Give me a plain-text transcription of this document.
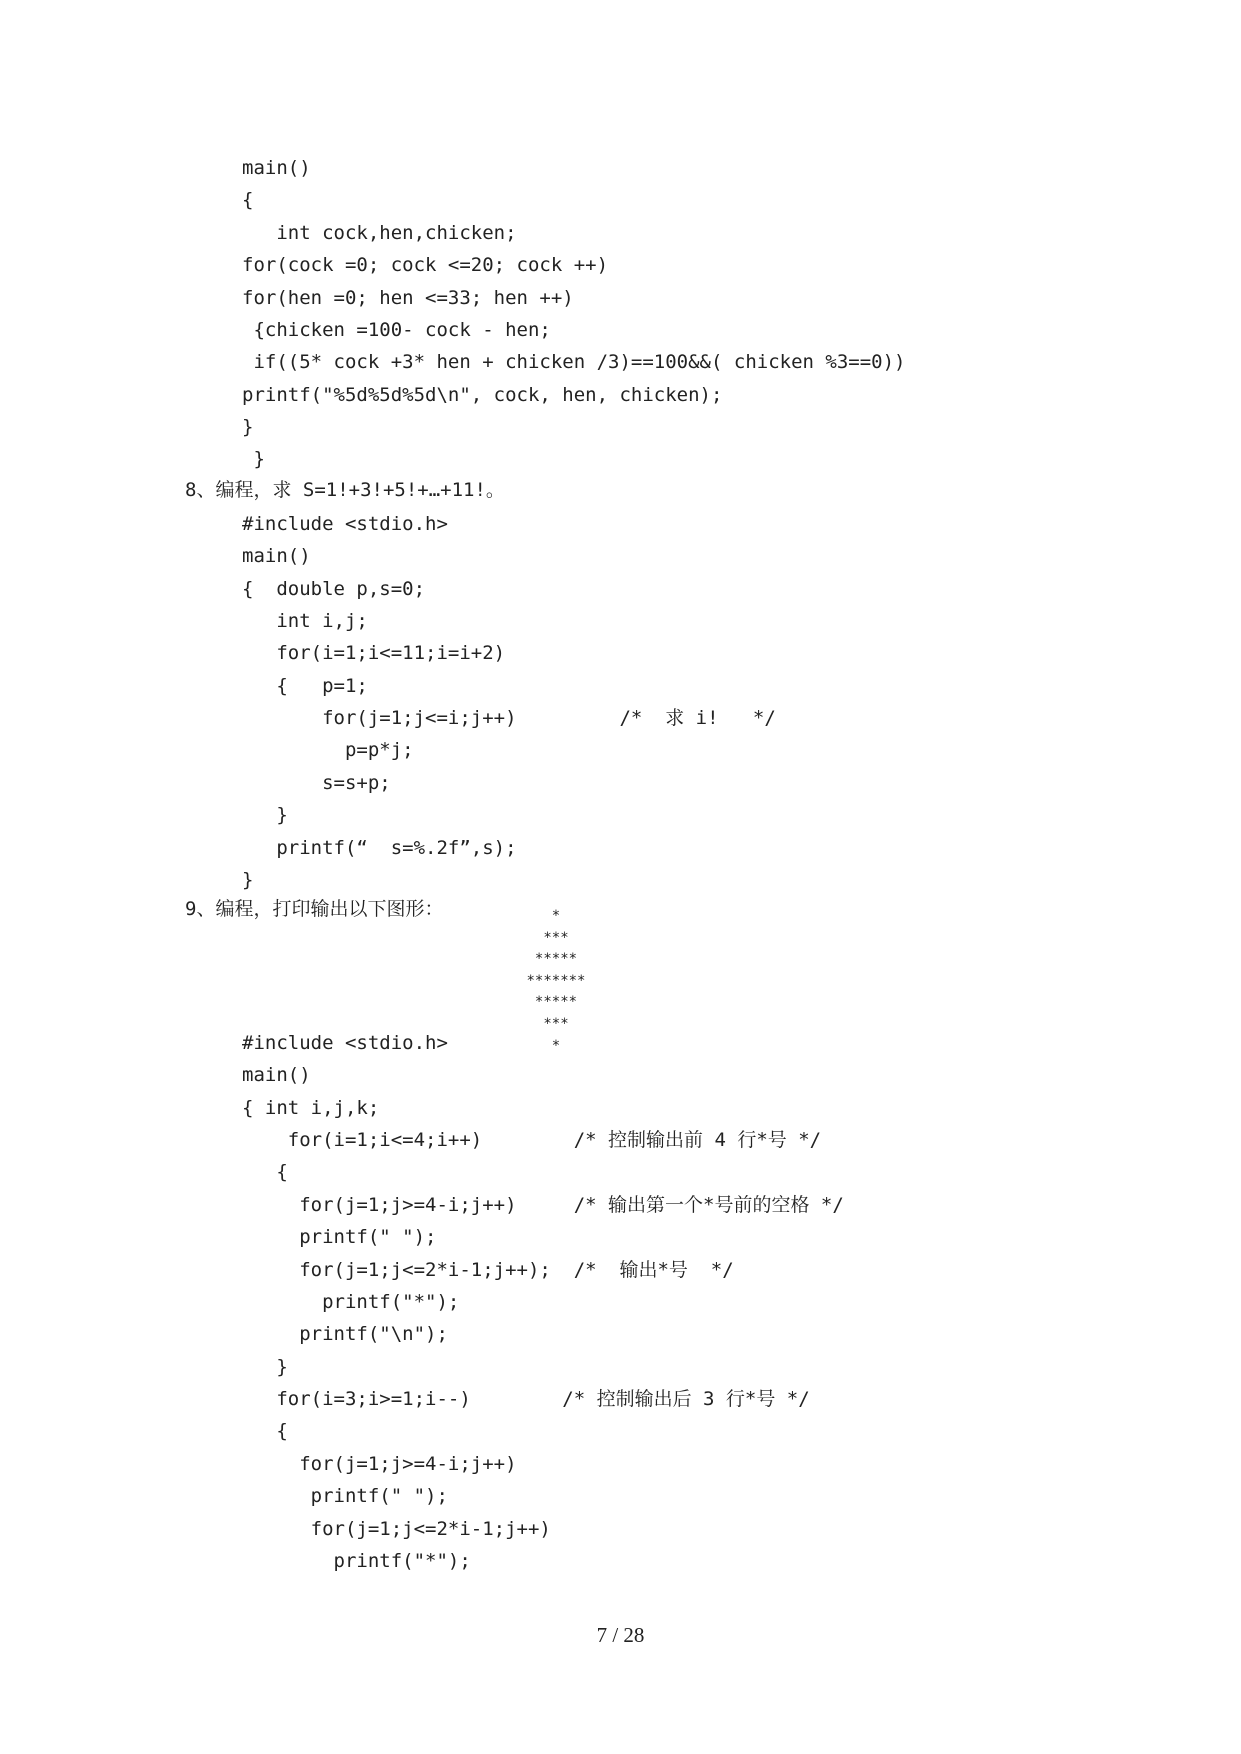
main()
{
int cock,hen,chicken;
for(cock =0; cock <=20; cock ++)
for(hen =0; hen <=33; hen ++)
{chicken =100- cock - hen;
if((5* cock +3* hen + chicken /3)==100&&( chicken %3==0))
printf("%5d%5d%5d\n", cock, hen, chicken);
}
}
8、编程，求 S=1!+3!+5!+…+11!。
#include <stdio.h>
main()
{  double p,s=0;
int i,j;
for(i=1;i<=11;i=i+2)
{   p=1;
for(j=1;j<=i;j++)         /*  求 i!   */
p=p*j;
s=s+p;
}
printf(“  s=%.2f”,s);
}
9、编程，打印输出以下图形：	*
***
*****
*******
*****
***
*
#include <stdio.h>
main()
{ int i,j,k;
for(i=1;i<=4;i++)        /* 控制输出前 4 行*号 */
{
for(j=1;j>=4-i;j++)     /* 输出第一个*号前的空格 */
printf(" ");
for(j=1;j<=2*i-1;j++);  /*  输出*号  */
printf("*");
printf("\n");
}
for(i=3;i>=1;i--)        /* 控制输出后 3 行*号 */
{
for(j=1;j>=4-i;j++)
printf(" ");
for(j=1;j<=2*i-1;j++)
printf("*");
7 / 28
